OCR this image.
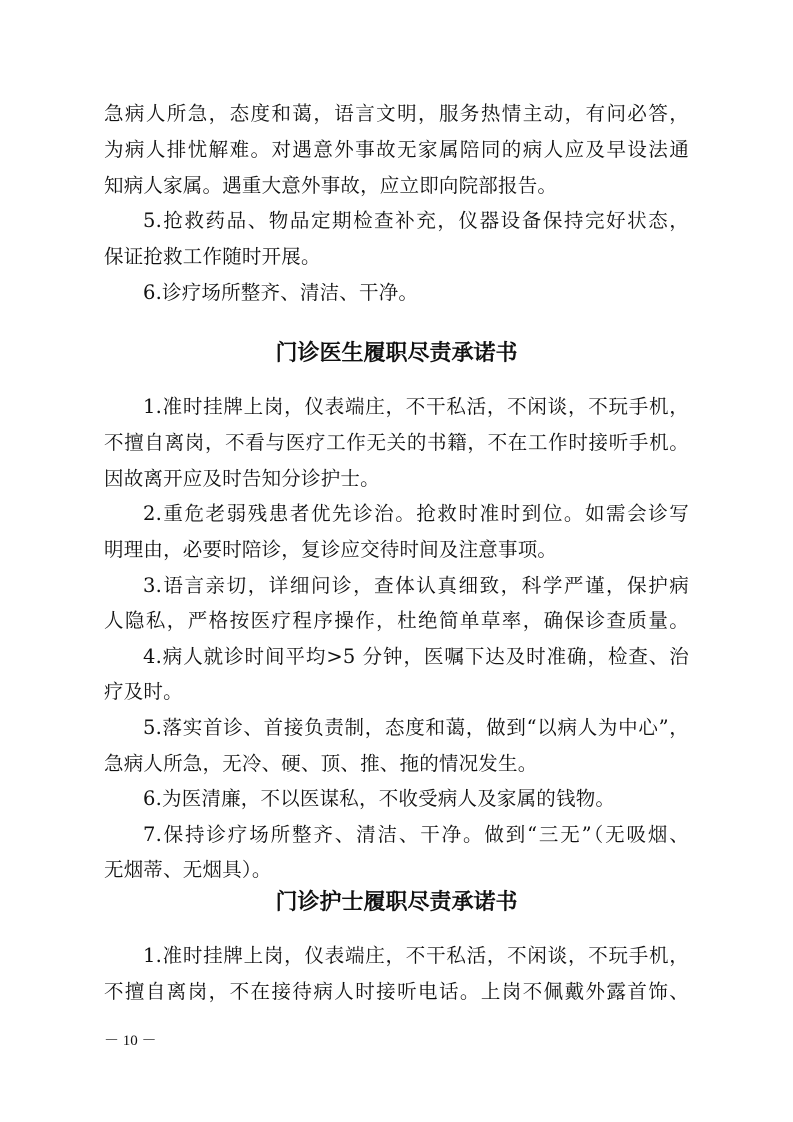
急病人所急，态度和蔼，语言文明，服务热情主动，有问必答，
为病人排忧解难。对遇意外事故无家属陪同的病人应及早设法通
知病人家属。遇重大意外事故，应立即向院部报告。
5.抢救药品、物品定期检查补充，仪器设备保持完好状态，
保证抢救工作随时开展。
6.诊疗场所整齐、清洁、干净。
门诊医生履职尽责承诺书
1.准时挂牌上岗，仪表端庄，不干私活，不闲谈，不玩手机，
不擅自离岗，不看与医疗工作无关的书籍，不在工作时接听手机。
因故离开应及时告知分诊护士。
2.重危老弱残患者优先诊治。抢救时准时到位。如需会诊写
明理由，必要时陪诊，复诊应交待时间及注意事项。
3.语言亲切，详细问诊，查体认真细致，科学严谨，保护病
人隐私，严格按医疗程序操作，杜绝简单草率，确保诊查质量。
4.病人就诊时间平均>5 分钟，医嘱下达及时准确，检查、治
疗及时。
5.落实首诊、首接负责制，态度和蔼，做到“以病人为中心”，
急病人所急，无冷、硬、顶、推、拖的情况发生。
6.为医清廉，不以医谋私，不收受病人及家属的钱物。
7.保持诊疗场所整齐、清洁、干净。做到“三无”（无吸烟、
无烟蒂、无烟具）。
门诊护士履职尽责承诺书
1.准时挂牌上岗，仪表端庄，不干私活，不闲谈，不玩手机，
不擅自离岗，不在接待病人时接听电话。上岗不佩戴外露首饰、
－ 10 －
